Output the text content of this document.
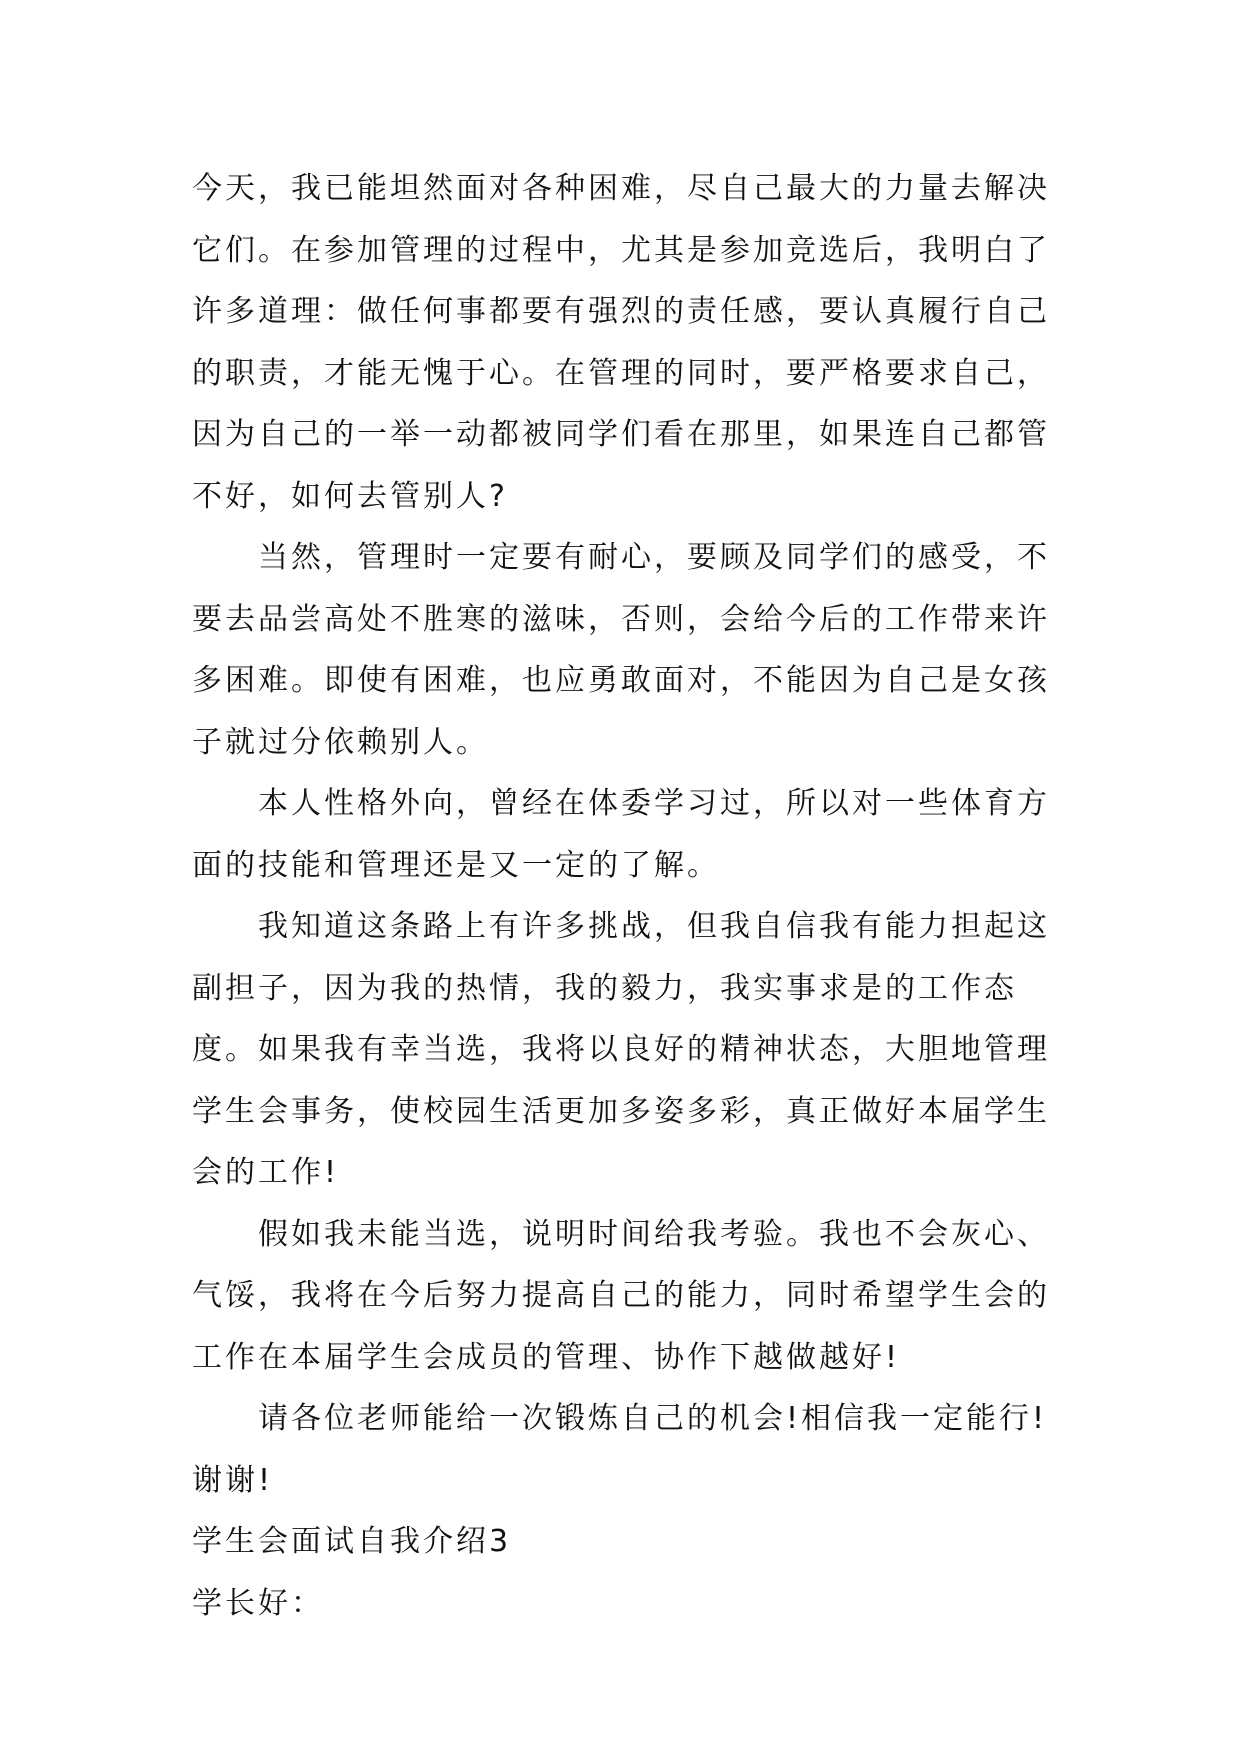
今天，我已能坦然面对各种困难，尽自己最大的力量去解决它们。在参加管理的过程中，尤其是参加竞选后，我明白了许多道理：做任何事都要有强烈的责任感，要认真履行自己的职责，才能无愧于心。在管理的同时，要严格要求自己，因为自己的一举一动都被同学们看在那里，如果连自己都管不好，如何去管别人?

当然，管理时一定要有耐心，要顾及同学们的感受，不要去品尝高处不胜寒的滋味，否则，会给今后的工作带来许多困难。即使有困难，也应勇敢面对，不能因为自己是女孩子就过分依赖别人。

本人性格外向，曾经在体委学习过，所以对一些体育方面的技能和管理还是又一定的了解。

我知道这条路上有许多挑战，但我自信我有能力担起这副担子，因为我的热情，我的毅力，我实事求是的工作态度。如果我有幸当选，我将以良好的精神状态，大胆地管理学生会事务，使校园生活更加多姿多彩，真正做好本届学生会的工作!

假如我未能当选，说明时间给我考验。我也不会灰心、气馁，我将在今后努力提高自己的能力，同时希望学生会的工作在本届学生会成员的管理、协作下越做越好!

请各位老师能给一次锻炼自己的机会!相信我一定能行!谢谢!

学生会面试自我介绍3

学长好：
